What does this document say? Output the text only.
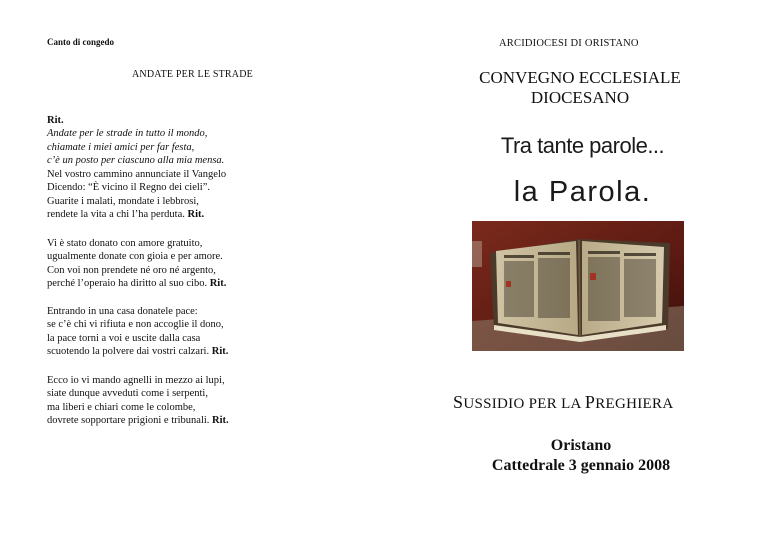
Canto di congedo
ANDATE PER LE STRADE

Rit.
Andate per le strade in tutto il mondo,
chiamate i miei amici per far festa,
c’è un posto per ciascuno alla mia mensa.

Nel vostro cammino annunciate il Vangelo
Dicendo: “È vicino il Regno dei cieli”.
Guarite i malati, mondate i lebbrosi,
rendete la vita a chi l’ha perduta. Rit.

Vi è stato donato con amore gratuito,
ugualmente donate con gioia e per amore.
Con voi non prendete né oro né argento,
perché l’operaio ha diritto al suo cibo. Rit.

Entrando in una casa donatele pace:
se c’è chi vi rifiuta e non accoglie il dono,
la pace torni a voi e uscite dalla casa
scuotendo la polvere dai vostri calzari. Rit.

Ecco io vi mando agnelli in mezzo ai lupi,
siate dunque avveduti come i serpenti,
ma liberi e chiari come le colombe,
dovrete sopportare prigioni e tribunali. Rit.

ARCIDIOCESI DI ORISTANO
CONVEGNO ECCLESIALE
DIOCESANO
Tra tante parole...
la Parola.
SUSSIDIO PER LA PREGHIERA
Oristano
Cattedrale 3 gennaio 2008
